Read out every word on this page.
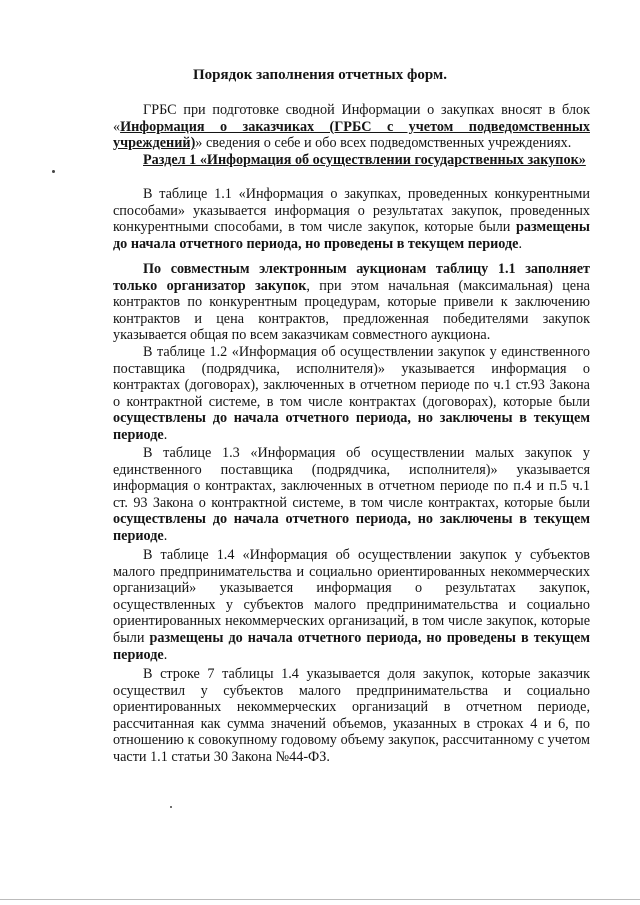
Порядок заполнения отчетных форм.
ГРБС при подготовке сводной Информации о закупках вносят в блок «Информация о заказчиках (ГРБС с учетом подведомственных учреждений)» сведения о себе и обо всех подведомственных учреждениях.
Раздел 1 «Информация об осуществлении государственных закупок»
В таблице 1.1 «Информация о закупках, проведенных конкурентными способами» указывается информация о результатах закупок, проведенных конкурентными способами, в том числе закупок, которые были размещены до начала отчетного периода, но проведены в текущем периоде.
По совместным электронным аукционам таблицу 1.1 заполняет только организатор закупок, при этом начальная (максимальная) цена контрактов по конкурентным процедурам, которые привели к заключению контрактов и цена контрактов, предложенная победителями закупок указывается общая по всем заказчикам совместного аукциона.
В таблице 1.2 «Информация об осуществлении закупок у единственного поставщика (подрядчика, исполнителя)» указывается информация о контрактах (договорах), заключенных в отчетном периоде по ч.1 ст.93 Закона о контрактной системе, в том числе контрактах (договорах), которые были осуществлены до начала отчетного периода, но заключены в текущем периоде.
В таблице 1.3 «Информация об осуществлении малых закупок у единственного поставщика (подрядчика, исполнителя)» указывается информация о контрактах, заключенных в отчетном периоде по п.4 и п.5 ч.1 ст. 93 Закона о контрактной системе, в том числе контрактах, которые были осуществлены до начала отчетного периода, но заключены в текущем периоде.
В таблице 1.4 «Информация об осуществлении закупок у субъектов малого предпринимательства и социально ориентированных некоммерческих организаций» указывается информация о результатах закупок, осуществленных у субъектов малого предпринимательства и социально ориентированных некоммерческих организаций, в том числе закупок, которые были размещены до начала отчетного периода, но проведены в текущем периоде.
В строке 7 таблицы 1.4 указывается доля закупок, которые заказчик осуществил у субъектов малого предпринимательства и социально ориентированных некоммерческих организаций в отчетном периоде, рассчитанная как сумма значений объемов, указанных в строках 4 и 6, по отношению к совокупному годовому объему закупок, рассчитанному с учетом части 1.1 статьи 30 Закона №44-ФЗ.
